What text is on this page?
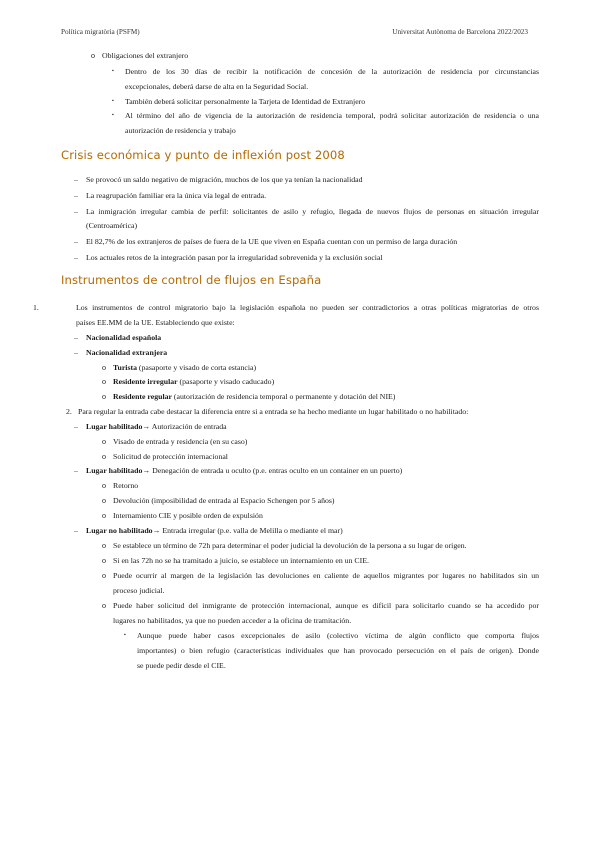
Política migratòria (PSFM)	Universitat Autònoma de Barcelona 2022/2023
o Obligaciones del extranjero
▪ Dentro de los 30 días de recibir la notificación de concesión de la autorización de residencia por circunstancias
excepcionales, deberá darse de alta en la Seguridad Social.
▪ También deberá solicitar personalmente la Tarjeta de Identidad de Extranjero
▪ Al término del año de vigencia de la autorización de residencia temporal, podrá solicitar autorización de residencia o una
autorización de residencia y trabajo
Crisis económica y punto de inflexión post 2008
– Se provocó un saldo negativo de migración, muchos de los que ya tenían la nacionalidad
– La reagrupación familiar era la única vía legal de entrada.
– La inmigración irregular cambia de perfil: solicitantes de asilo y refugio, llegada de nuevos flujos de personas en situación irregular
(Centroamérica)
– El 82,7% de los extranjeros de países de fuera de la UE que viven en España cuentan con un permiso de larga duración
– Los actuales retos de la integración pasan por la irregularidad sobrevenida y la exclusión social
Instrumentos de control de flujos en España
1.	Los instrumentos de control migratorio bajo la legislación española no pueden ser contradictorios a otras políticas migratorias de otros
países EE.MM de la UE. Estableciendo que existe:
– Nacionalidad española
– Nacionalidad extranjera
o Turista (pasaporte y visado de corta estancia)
o Residente irregular (pasaporte y visado caducado)
o Residente regular (autorización de residencia temporal o permanente y dotación del NIE)
2. Para regular la entrada cabe destacar la diferencia entre si a entrada se ha hecho mediante un lugar habilitado o no habilitado:
– Lugar habilitado→ Autorización de entrada
o Visado de entrada y residencia (en su caso)
o Solicitud de protección internacional
– Lugar habilitado→ Denegación de entrada u oculto (p.e. entras oculto en un container en un puerto)
o Retorno
o Devolución (imposibilidad de entrada al Espacio Schengen por 5 años)
o Internamiento CIE y posible orden de expulsión
– Lugar no habilitado→ Entrada irregular (p.e. valla de Melilla o mediante el mar)
o Se establece un término de 72h para determinar el poder judicial la devolución de la persona a su lugar de origen.
o Si en las 72h no se ha tramitado a juicio, se establece un internamiento en un CIE.
o Puede ocurrir al margen de la legislación las devoluciones en caliente de aquellos migrantes por lugares no habilitados sin un
proceso judicial.
o Puede haber solicitud del inmigrante de protección internacional, aunque es difícil para solicitarlo cuando se ha accedido por
lugares no habilitados, ya que no pueden acceder a la oficina de tramitación.
▪ Aunque puede haber casos excepcionales de asilo (colectivo víctima de algún conflicto que comporta flujos
importantes) o bien refugio (características individuales que han provocado persecución en el país de origen). Donde
se puede pedir desde el CIE.
